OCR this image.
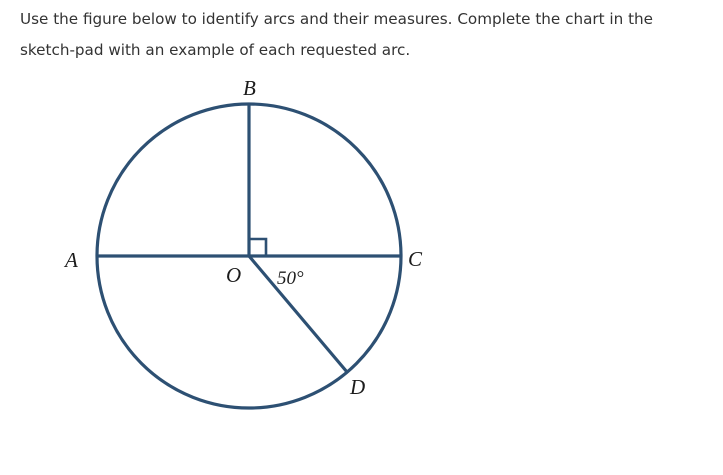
Use the figure below to identify arcs and their measures. Complete the chart in the sketch-pad with an example of each requested arc.

B
A	C
O
D
50°
